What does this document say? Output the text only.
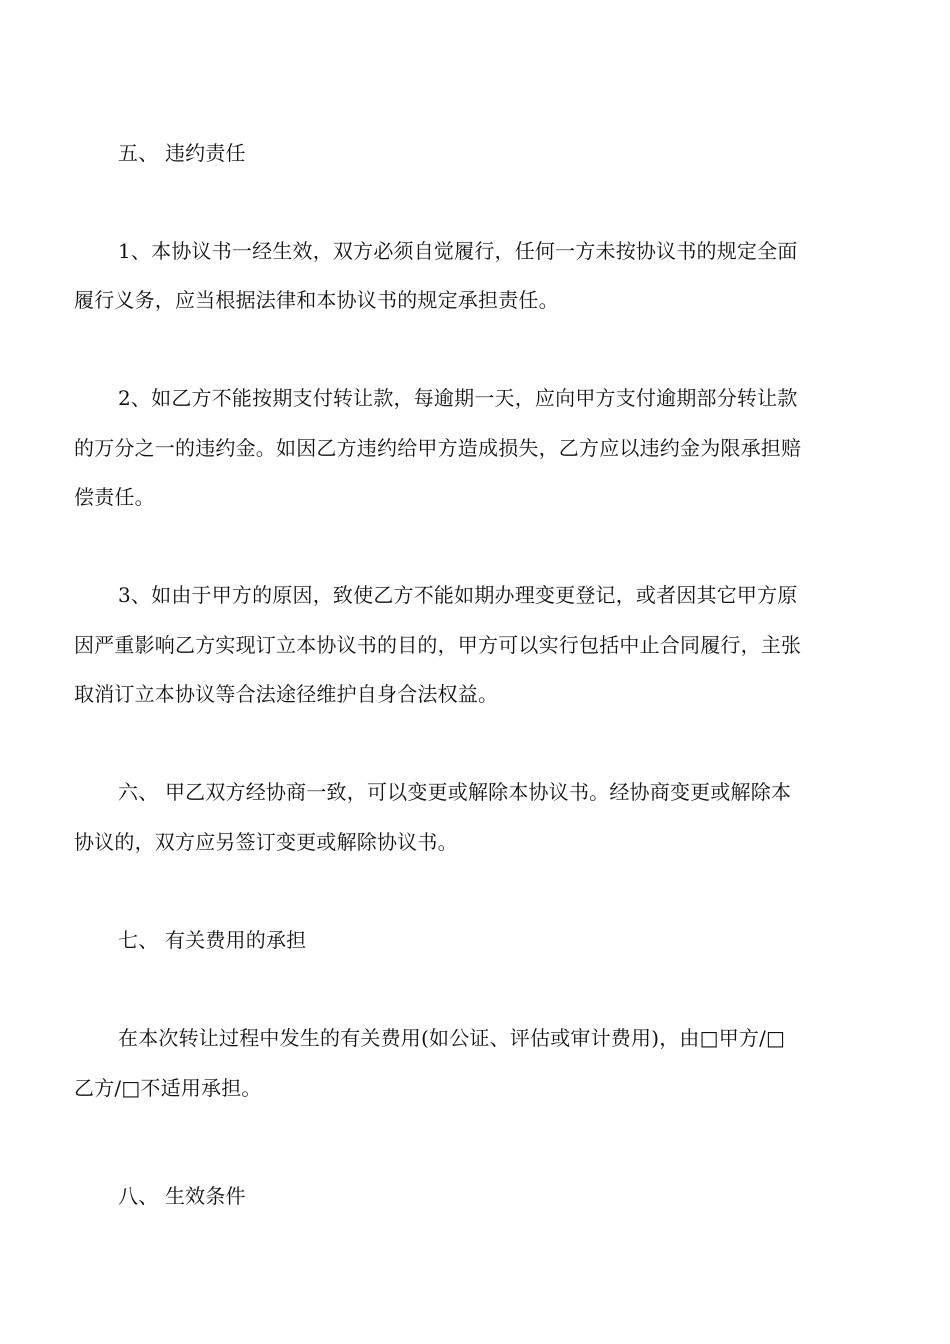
五、 违约责任
1、本协议书一经生效，双方必须自觉履行，任何一方未按协议书的规定全面
履行义务，应当根据法律和本协议书的规定承担责任。
2、如乙方不能按期支付转让款，每逾期一天，应向甲方支付逾期部分转让款
的万分之一的违约金。如因乙方违约给甲方造成损失，乙方应以违约金为限承担赔
偿责任。
3、如由于甲方的原因，致使乙方不能如期办理变更登记，或者因其它甲方原
因严重影响乙方实现订立本协议书的目的，甲方可以实行包括中止合同履行，主张
取消订立本协议等合法途径维护自身合法权益。
六、 甲乙双方经协商一致，可以变更或解除本协议书。经协商变更或解除本
协议的，双方应另签订变更或解除协议书。
七、 有关费用的承担
在本次转让过程中发生的有关费用(如公证、评估或审计费用)，由□甲方/□
乙方/□不适用承担。
八、 生效条件
